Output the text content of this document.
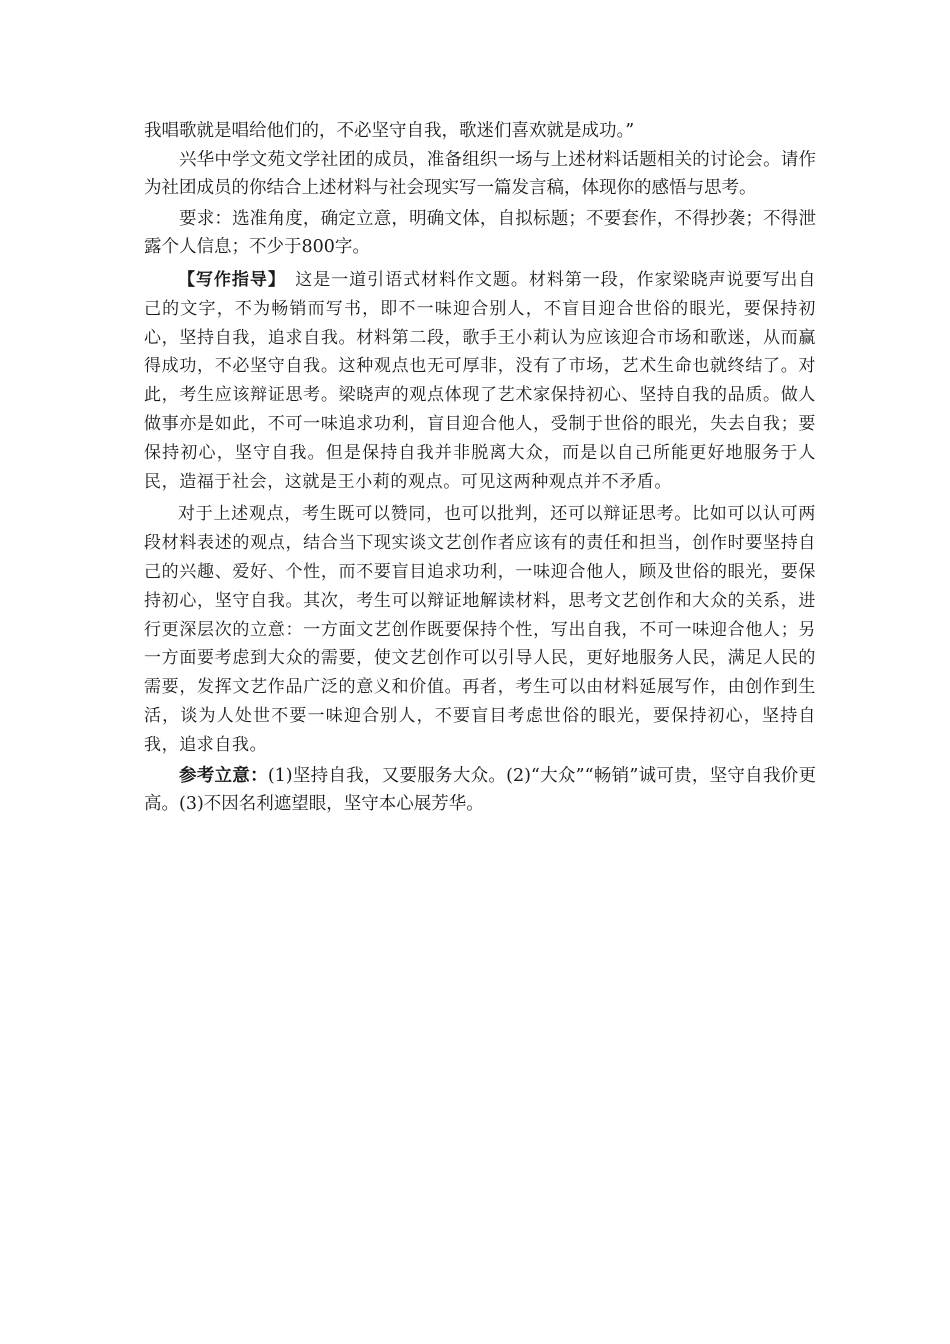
我唱歌就是唱给他们的，不必坚守自我，歌迷们喜欢就是成功。”

兴华中学文苑文学社团的成员，准备组织一场与上述材料话题相关的讨论会。请作为社团成员的你结合上述材料与社会现实写一篇发言稿，体现你的感悟与思考。

要求：选准角度，确定立意，明确文体，自拟标题；不要套作，不得抄袭；不得泄露个人信息；不少于800字。

【写作指导】　这是一道引语式材料作文题。材料第一段，作家梁晓声说要写出自己的文字，不为畅销而写书，即不一味迎合别人，不盲目迎合世俗的眼光，要保持初心，坚持自我，追求自我。材料第二段，歌手王小莉认为应该迎合市场和歌迷，从而赢得成功，不必坚守自我。这种观点也无可厚非，没有了市场，艺术生命也就终结了。对此，考生应该辩证思考。梁晓声的观点体现了艺术家保持初心、坚持自我的品质。做人做事亦是如此，不可一味追求功利，盲目迎合他人，受制于世俗的眼光，失去自我；要保持初心，坚守自我。但是保持自我并非脱离大众，而是以自己所能更好地服务于人民，造福于社会，这就是王小莉的观点。可见这两种观点并不矛盾。

对于上述观点，考生既可以赞同，也可以批判，还可以辩证思考。比如可以认可两段材料表述的观点，结合当下现实谈文艺创作者应该有的责任和担当，创作时要坚持自己的兴趣、爱好、个性，而不要盲目追求功利，一味迎合他人，顾及世俗的眼光，要保持初心，坚守自我。其次，考生可以辩证地解读材料，思考文艺创作和大众的关系，进行更深层次的立意：一方面文艺创作既要保持个性，写出自我，不可一味迎合他人；另一方面要考虑到大众的需要，使文艺创作可以引导人民，更好地服务人民，满足人民的需要，发挥文艺作品广泛的意义和价值。再者，考生可以由材料延展写作，由创作到生活，谈为人处世不要一味迎合别人，不要盲目考虑世俗的眼光，要保持初心，坚持自我，追求自我。

参考立意：(1)坚持自我，又要服务大众。(2)“大众”“畅销”诚可贵，坚守自我价更高。(3)不因名利遮望眼，坚守本心展芳华。
